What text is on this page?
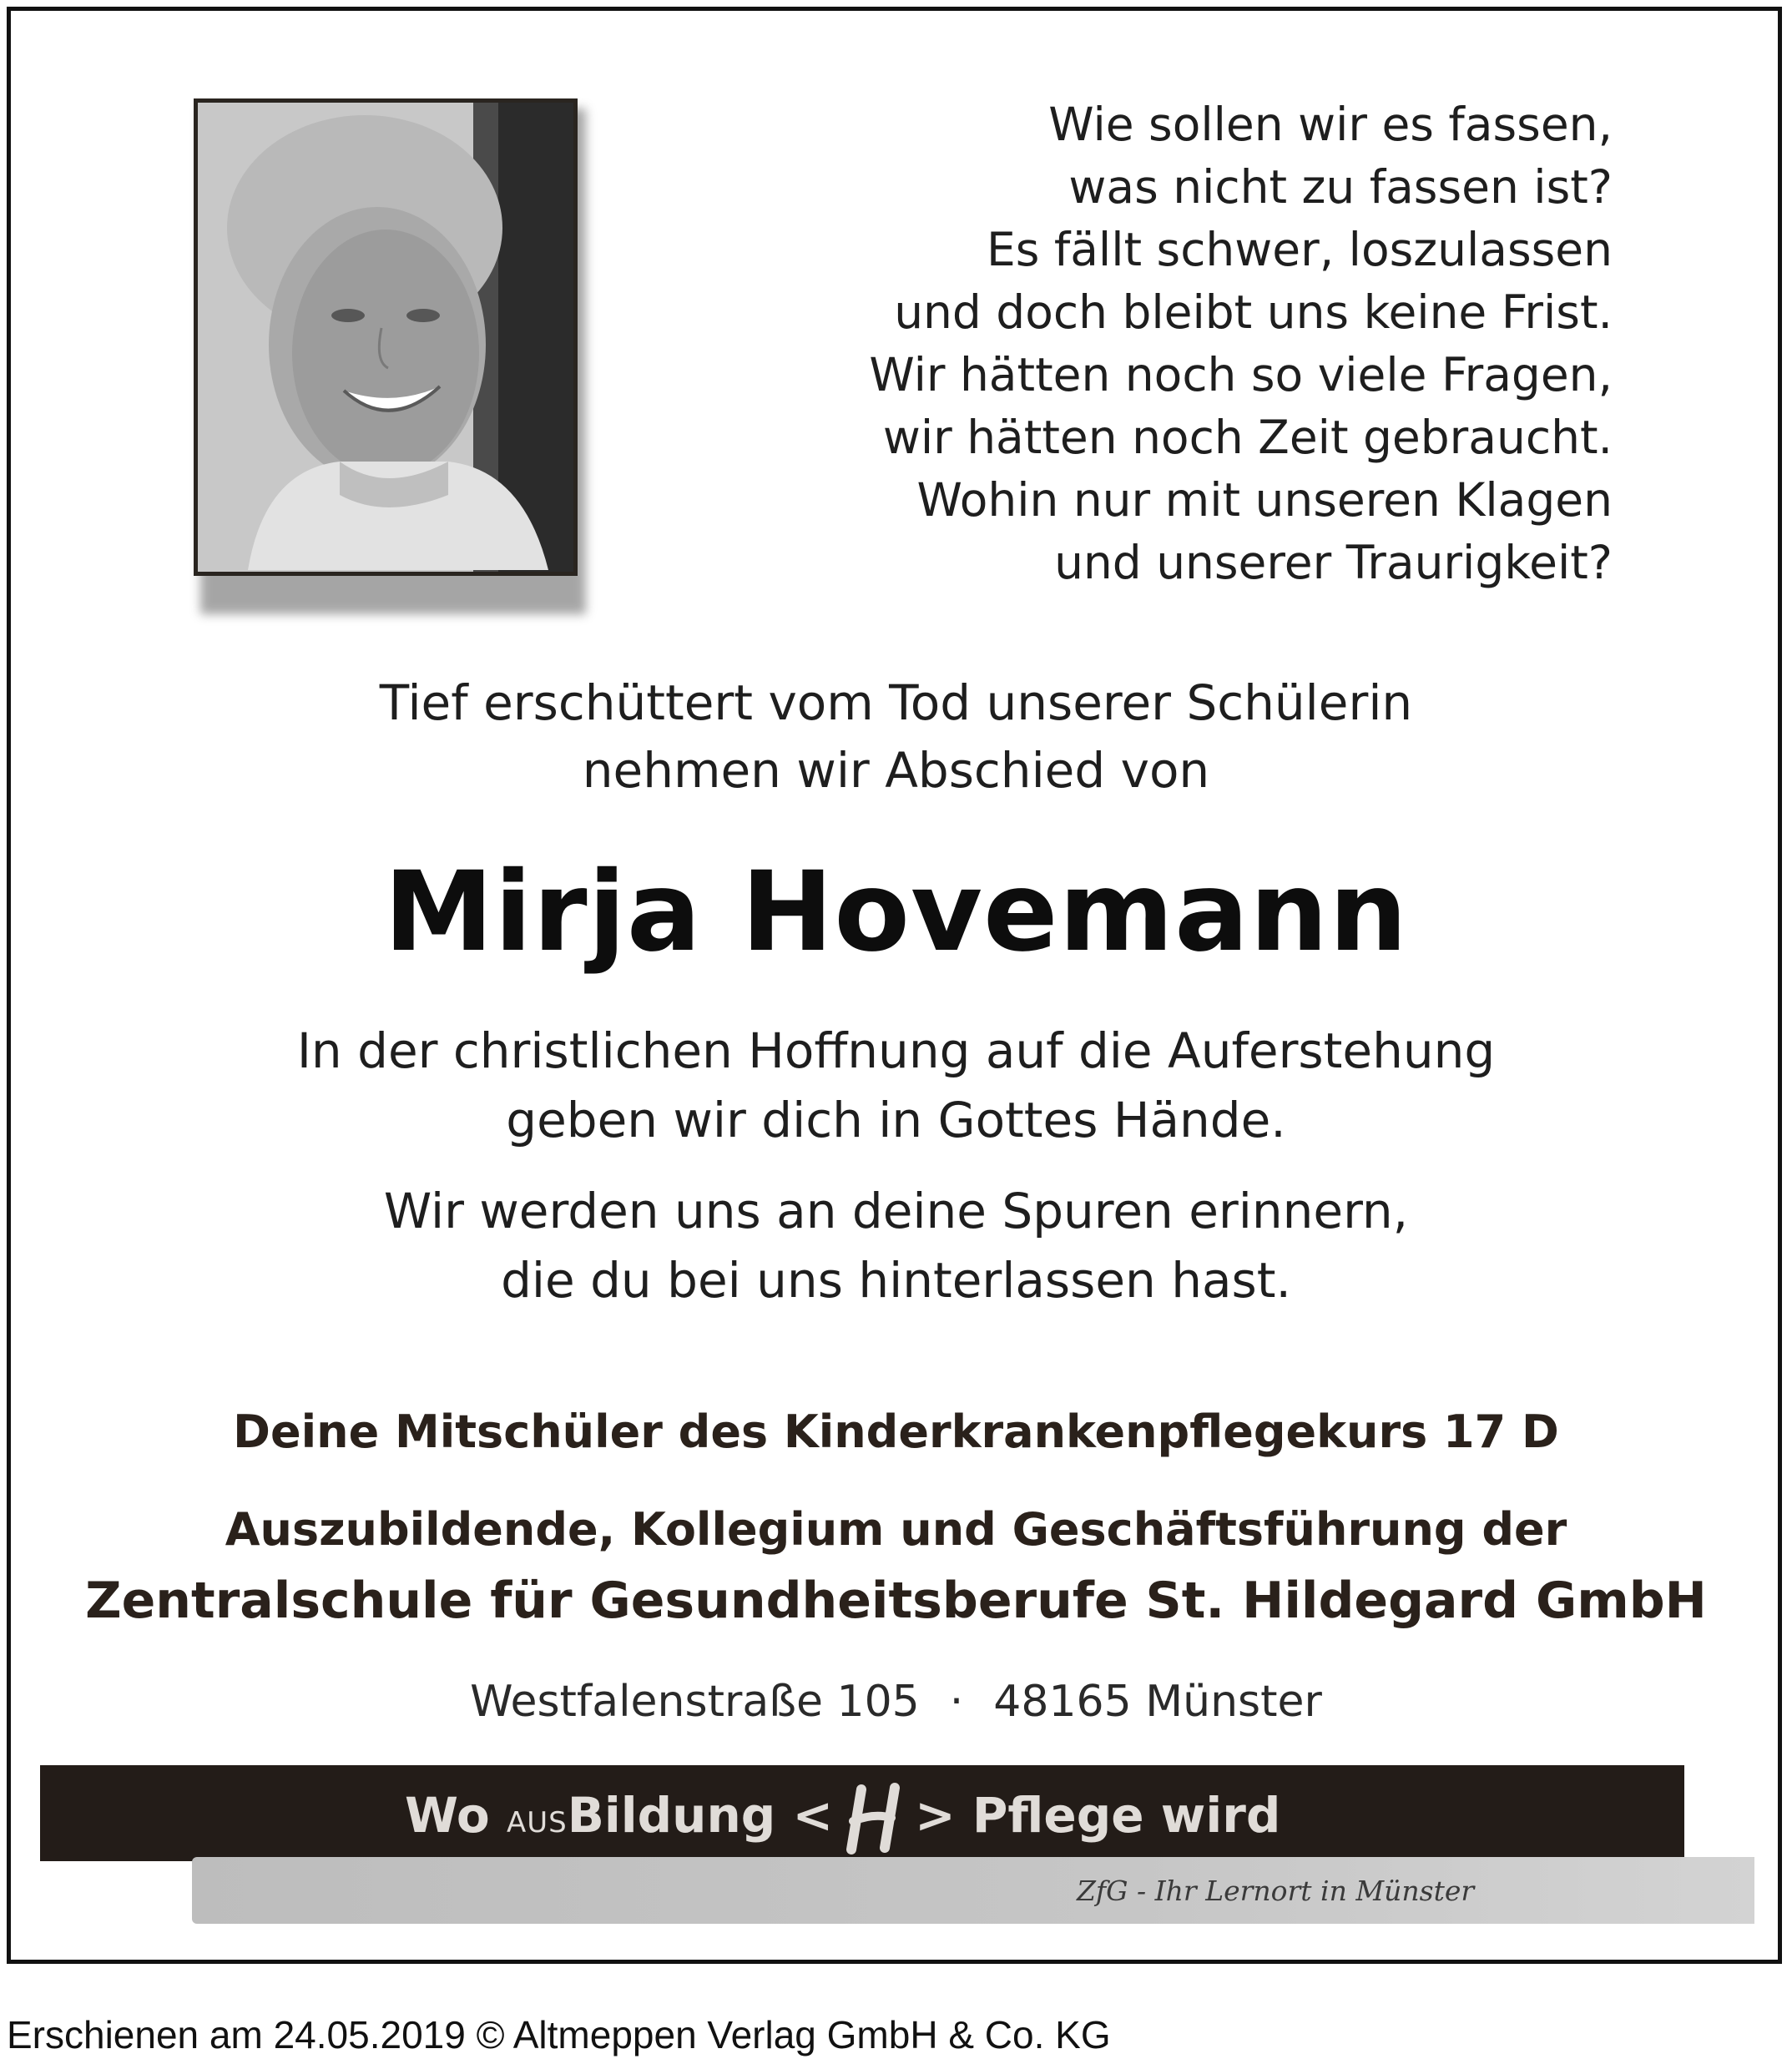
Wie sollen wir es fassen,
was nicht zu fassen ist?
Es fällt schwer, loszulassen
und doch bleibt uns keine Frist.
Wir hätten noch so viele Fragen,
wir hätten noch Zeit gebraucht.
Wohin nur mit unseren Klagen
und unserer Traurigkeit?
Tief erschüttert vom Tod unserer Schülerin
nehmen wir Abschied von
Mirja Hovemann
In der christlichen Hoffnung auf die Auferstehung
geben wir dich in Gottes Hände.
Wir werden uns an deine Spuren erinnern,
die du bei uns hinterlassen hast.
Deine Mitschüler des Kinderkrankenpflegekurs 17 D
Auszubildende, Kollegium und Geschäftsführung der
Zentralschule für Gesundheitsberufe St. Hildegard GmbH
Westfalenstraße 105 · 48165 Münster
Wo AUSBildung < > Pflege wird
ZfG - Ihr Lernort in Münster
Erschienen am 24.05.2019 © Altmeppen Verlag GmbH & Co. KG
